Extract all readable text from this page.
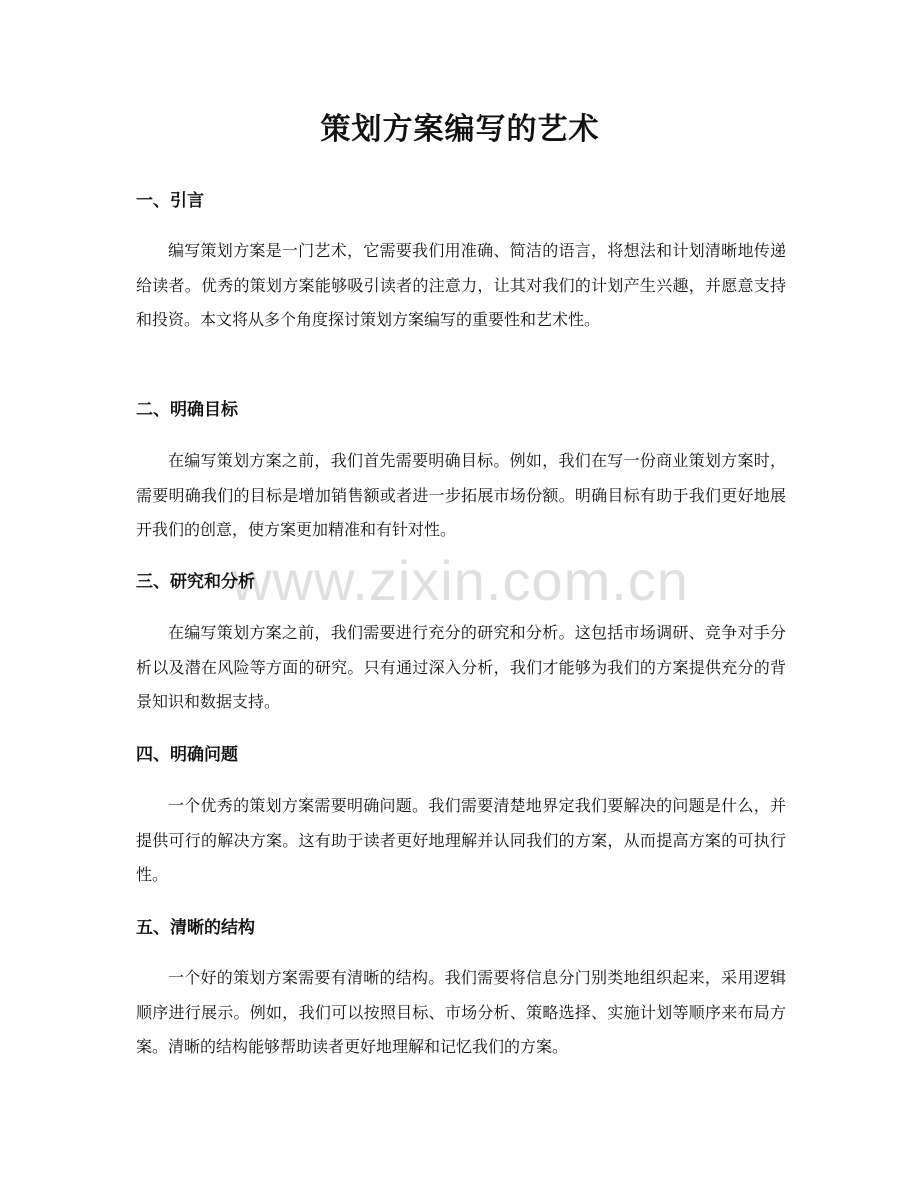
策划方案编写的艺术
一、引言

编写策划方案是一门艺术，它需要我们用准确、简洁的语言，将想法和计划清晰地传递给读者。优秀的策划方案能够吸引读者的注意力，让其对我们的计划产生兴趣，并愿意支持和投资。本文将从多个角度探讨策划方案编写的重要性和艺术性。

二、明确目标

在编写策划方案之前，我们首先需要明确目标。例如，我们在写一份商业策划方案时，需要明确我们的目标是增加销售额或者进一步拓展市场份额。明确目标有助于我们更好地展开我们的创意，使方案更加精准和有针对性。

三、研究和分析

在编写策划方案之前，我们需要进行充分的研究和分析。这包括市场调研、竞争对手分析以及潜在风险等方面的研究。只有通过深入分析，我们才能够为我们的方案提供充分的背景知识和数据支持。

四、明确问题

一个优秀的策划方案需要明确问题。我们需要清楚地界定我们要解决的问题是什么，并提供可行的解决方案。这有助于读者更好地理解并认同我们的方案，从而提高方案的可执行性。

五、清晰的结构

一个好的策划方案需要有清晰的结构。我们需要将信息分门别类地组织起来，采用逻辑顺序进行展示。例如，我们可以按照目标、市场分析、策略选择、实施计划等顺序来布局方案。清晰的结构能够帮助读者更好地理解和记忆我们的方案。

www.zixin.com.cn
